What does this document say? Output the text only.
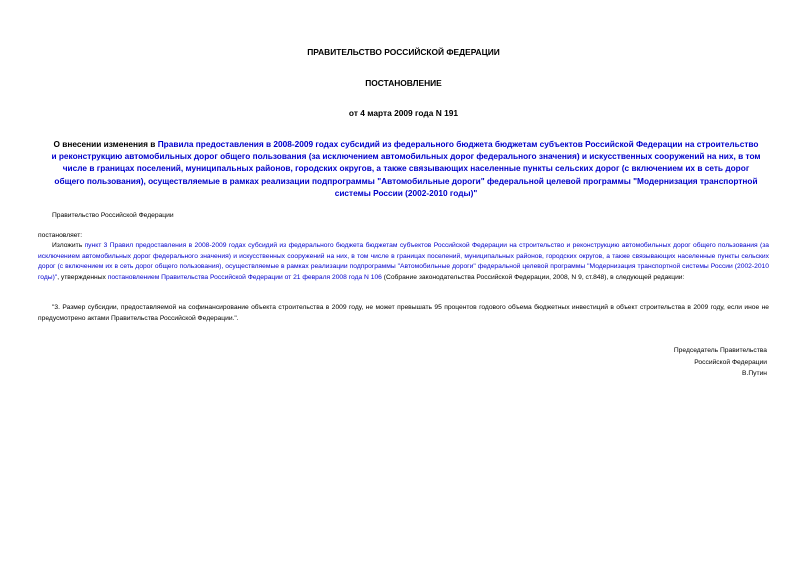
ПРАВИТЕЛЬСТВО РОССИЙСКОЙ ФЕДЕРАЦИИ
ПОСТАНОВЛЕНИЕ
от 4 марта 2009 года N 191
О внесении изменения в Правила предоставления в 2008-2009 годах субсидий из федерального бюджета бюджетам субъектов Российской Федерации на строительство и реконструкцию автомобильных дорог общего пользования (за исключением автомобильных дорог федерального значения) и искусственных сооружений на них, в том числе в границах поселений, муниципальных районов, городских округов, а также связывающих населенные пункты сельских дорог (с включением их в сеть дорог общего пользования), осуществляемые в рамках реализации подпрограммы "Автомобильные дороги" федеральной целевой программы "Модернизация транспортной системы России (2002-2010 годы)"
Правительство Российской Федерации
постановляет:
Изложить пункт 3 Правил предоставления в 2008-2009 годах субсидий из федерального бюджета бюджетам субъектов Российской Федерации на строительство и реконструкцию автомобильных дорог общего пользования (за исключением автомобильных дорог федерального значения) и искусственных сооружений на них, в том числе в границах поселений, муниципальных районов, городских округов, а также связывающих населенные пункты сельских дорог (с включением их в сеть дорог общего пользования), осуществляемые в рамках реализации подпрограммы "Автомобильные дороги" федеральной целевой программы "Модернизация транспортной системы России (2002-2010 годы)", утвержденных постановлением Правительства Российской Федерации от 21 февраля 2008 года N 106 (Собрание законодательства Российской Федерации, 2008, N 9, ст.848), в следующей редакции:
"3. Размер субсидии, предоставляемой на софинансирование объекта строительства в 2009 году, не может превышать 95 процентов годового объема бюджетных инвестиций в объект строительства в 2009 году, если иное не предусмотрено актами Правительства Российской Федерации.".
Председатель Правительства
Российской Федерации
В.Путин
